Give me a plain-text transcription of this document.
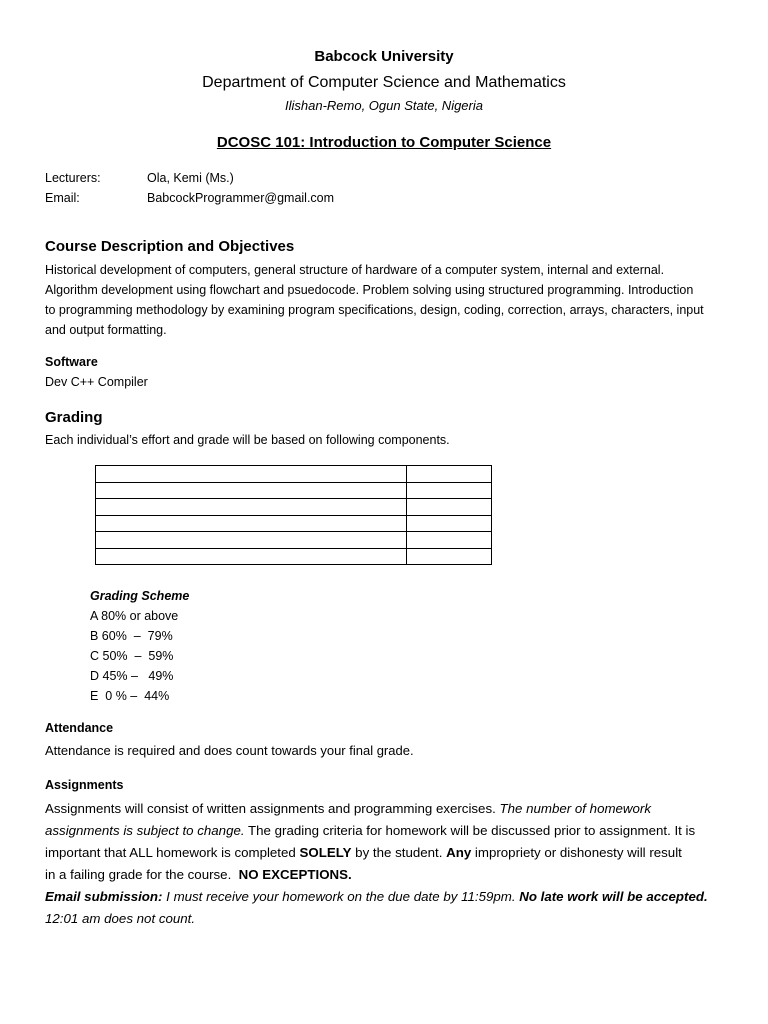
Babcock University
Department of Computer Science and Mathematics
Ilishan-Remo, Ogun State, Nigeria
DCOSC 101: Introduction to Computer Science
Lecturers:	Ola, Kemi (Ms.)
Email:	BabcockProgrammer@gmail.com
Course Description and Objectives
Historical development of computers, general structure of hardware of a computer system, internal and external.
Algorithm development using flowchart and psuedocode. Problem solving using structured programming. Introduction
to programming methodology by examining program specifications, design, coding, correction, arrays, characters, input
and output formatting.
Software
Dev C++ Compiler
Grading
Each individual’s effort and grade will be based on following components.

Grading Scheme
A 80% or above
B 60%  –  79%
C 50%  –  59%
D 45% –   49%
E  0 % –  44%
Attendance
Attendance is required and does count towards your final grade.
Assignments
Assignments will consist of written assignments and programming exercises. The number of homework
assignments is subject to change. The grading criteria for homework will be discussed prior to assignment. It is
important that ALL homework is completed SOLELY by the student. Any impropriety or dishonesty will result
in a failing grade for the course.  NO EXCEPTIONS.
Email submission: I must receive your homework on the due date by 11:59pm. No late work will be accepted.
12:01 am does not count.
